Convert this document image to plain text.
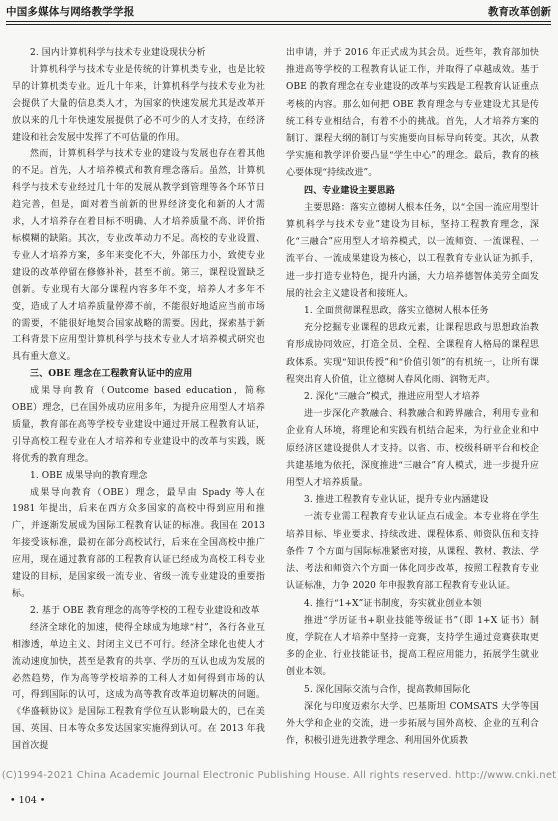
中国多媒体与网络教学学报	教育改革创新
2. 国内计算机科学与技术专业建设现状分析

计算机科学与技术专业是传统的计算机类专业，也是比较早的计算机类专业。近几十年来，计算机科学与技术专业为社会提供了大量的信息类人才，为国家的快速发展尤其是改革开放以来的几十年快速发展提供了必不可少的人才支持，在经济建设和社会发展中发挥了不可估量的作用。

然而，计算机科学与技术专业的建设与发展也存在着其他的不足。首先，人才培养模式和教育理念落后。虽然，计算机科学与技术专业经过几十年的发展从教学到管理等各个环节日趋完善，但是，面对着当前新的世界经济变化和新的人才需求，人才培养存在着目标不明确、人才培养质量不高、评价指标模糊的缺陷。其次，专业改革动力不足。高校的专业设置、专业人才培养方案，多年来变化不大，外部压力小，致使专业建设的改革停留在修修补补，甚至不前。第三，课程设置缺乏创新。专业现有大部分课程内容多年不变，培养人才多年不变，造成了人才培养质量停滞不前，不能很好地适应当前市场的需要，不能很好地契合国家战略的需要。因此，探索基于新工科背景下应用型计算机科学与技术专业人才培养模式研究也具有重大意义。

三、OBE 理念在工程教育认证中的应用

成果导向教育（Outcome based education，简称 OBE）理念，已在国外成功应用多年，为提升应用型人才培养质量，教育部在高等学校专业建设中通过开展工程教育认证，引导高校工程专业在人才培养和专业建设中的改革与实践，既将优秀的教育理念。

1. OBE 成果导向的教育理念

成果导向教育（OBE）理念，最早由 Spady 等人在 1981 年提出，后来在西方众多国家的高校中得到应用和推广，并逐渐发展成为国际工程教育认证的标准。我国在 2013 年接受该标准，最初在部分高校试行，后来在全国高校中推广应用，现在通过教育部的工程教育认证已经成为高校工科专业建设的目标，是国家级一流专业、省级一流专业建设的重要指标。

2. 基于 OBE 教育理念的高等学校的工程专业建设和改革

经济全球化的加速，使得全球成为地球“村”，各行各业互相渗透，单边主义、封闭主义已不可行。经济全球化也使人才流动速度加快，甚至是教育的共享、学历的互认也成为发展的必然趋势，作为高等学校培养的工科人才如何得到市场的认可，得到国际的认可，这成为高等教育改革迫切解决的问题。《华盛顿协议》是国际工程教育学位互认影响最大的，已在美国、英国、日本等众多发达国家实施得到认可。在 2013 年我国首次提

出申请，并于 2016 年正式成为其会员。近些年，教育部加快推进高等学校的工程教育认证工作，并取得了卓越成效。基于 OBE 的教育理念在专业建设的改革与实践是工程教育认证重点考核的内容。那么如何把 OBE 教育理念与专业建设尤其是传统工科专业相结合，有着不小的挑战。首先，人才培养方案的制订、课程大纲的制订与实施要向目标导向转变。其次，从教学实施和教学评价要凸显“学生中心”的理念。最后，教育的核心要体现“持续改进”。

四、专业建设主要思路

主要思路：落实立德树人根本任务，以“全国一流应用型计算机科学与技术专业”建设为目标，坚持工程教育理念，深化“三融合”应用型人才培养模式，以一流师资、一流课程、一流平台、一流成果建设为核心，以工程教育专业认证为抓手，进一步打造专业特色，提升内涵，大力培养德智体美劳全面发展的社会主义建设者和接班人。

1. 全面贯彻课程思政，落实立德树人根本任务

充分挖掘专业课程的思政元素，让课程思政与思想政治教育形成协同效应，打造全员、全程、全课程育人格局的课程思政体系。实现“知识传授”和“价值引领”的有机统一，让所有课程突出育人价值，让立德树人春风化雨、润物无声。

2. 深化“三融合”模式，推进应用型人才培养

进一步深化产教融合、科教融合和跨界融合，利用专业和企业育人环境，将理论和实践有机结合起来，为行业企业和中原经济区建设提供人才支持。以省、市、校级科研平台和校企共建基地为依托，深度推进“三融合”育人模式，进一步提升应用型人才培养质量。

3. 推进工程教育专业认证，提升专业内涵建设

一流专业需工程教育专业认证点石成金。本专业将在学生培养目标、毕业要求、持续改进、课程体系、师资队伍和支持条件 7 个方面与国际标准紧密对接，从课程、教材、教法、学法、考法和师资六个方面一体化同步改革，按照工程教育专业认证标准，力争 2020 年申报教育部工程教育专业认证。

4. 推行“1+X”证书制度，夯实就业创业本领

推进“学历证书+职业技能等级证书”（即 1+X 证书）制度，学院在人才培养中坚持一竞赛，支持学生通过竞赛获取更多的企业、行业技能证书，提高工程应用能力，拓展学生就业创业本领。

5. 深化国际交流与合作，提高教师国际化

深化与印度迈索尔大学、巴基斯坦 COMSATS 大学等国外大学和企业的交流，进一步拓展与国外高校、企业的互利合作，积极引进先进教学理念、利用国外优质教

(C)1994-2021 China Academic Journal Electronic Publishing House. All rights reserved. http://www.cnki.net
• 104 •
